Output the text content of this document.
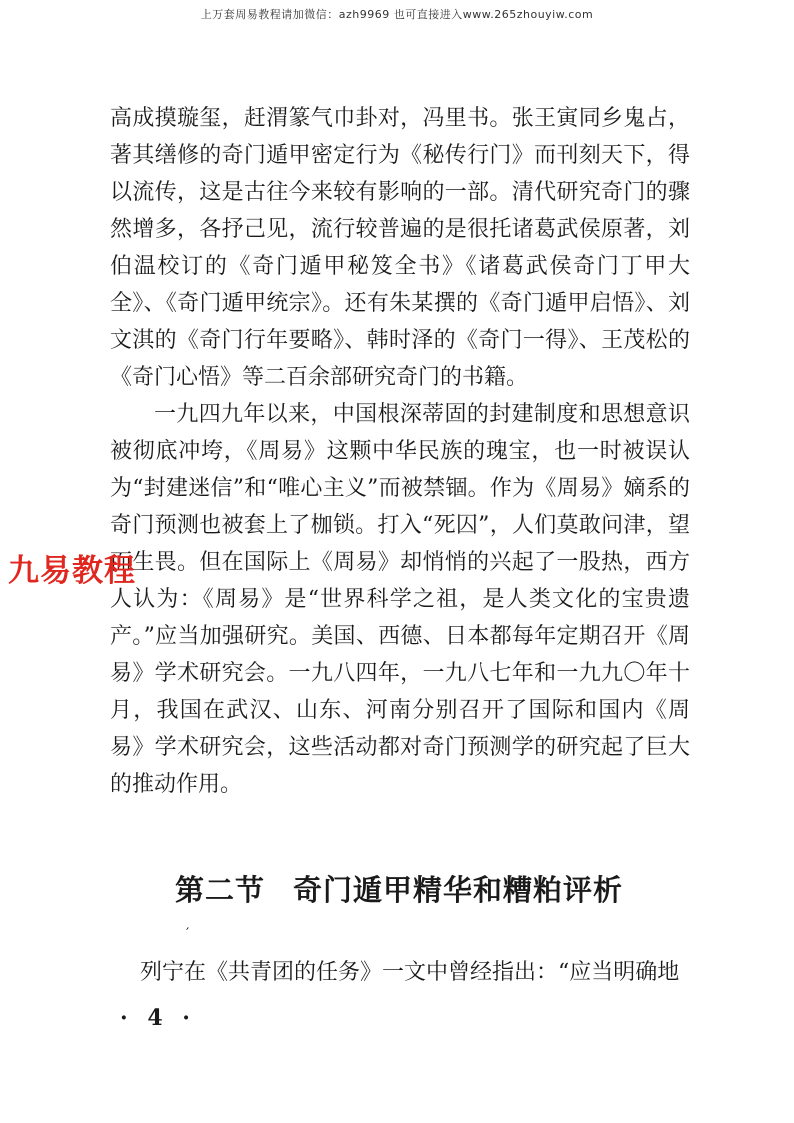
上万套周易教程请加微信：azh9969 也可直接进入www.265zhouyiw.com

高成摸璇玺，赶渭篆气巾卦对，冯里书。张王寅同乡鬼占，著其缮修的奇门遁甲密定行为《秘传行门》而刊刻天下，得以流传，这是古往今来较有影响的一部。清代研究奇门的骤然增多，各抒己见，流行较普遍的是很托诸葛武侯原著，刘伯温校订的《奇门遁甲秘笈全书》《诸葛武侯奇门丁甲大全》、《奇门遁甲统宗》。还有朱某撰的《奇门遁甲启悟》、刘文淇的《奇门行年要略》、韩时泽的《奇门一得》、王茂松的《奇门心悟》等二百余部研究奇门的书籍。

一九四九年以来，中国根深蒂固的封建制度和思想意识被彻底冲垮，《周易》这颗中华民族的瑰宝，也一时被误认为“封建迷信”和“唯心主义”而被禁锢。作为《周易》嫡系的奇门预测也被套上了枷锁。打入“死囚”，人们莫敢问津，望而生畏。但在国际上《周易》却悄悄的兴起了一股热，西方人认为：《周易》是“世界科学之祖，是人类文化的宝贵遗产。”应当加强研究。美国、西德、日本都每年定期召开《周易》学术研究会。一九八四年，一九八七年和一九九〇年十月，我国在武汉、山东、河南分别召开了国际和国内《周易》学术研究会，这些活动都对奇门预测学的研究起了巨大的推动作用。

九易教程
第二节 奇门遁甲精华和糟粕评析
′
列宁在《共青团的任务》一文中曾经指出：“应当明确地
· 4 ·
